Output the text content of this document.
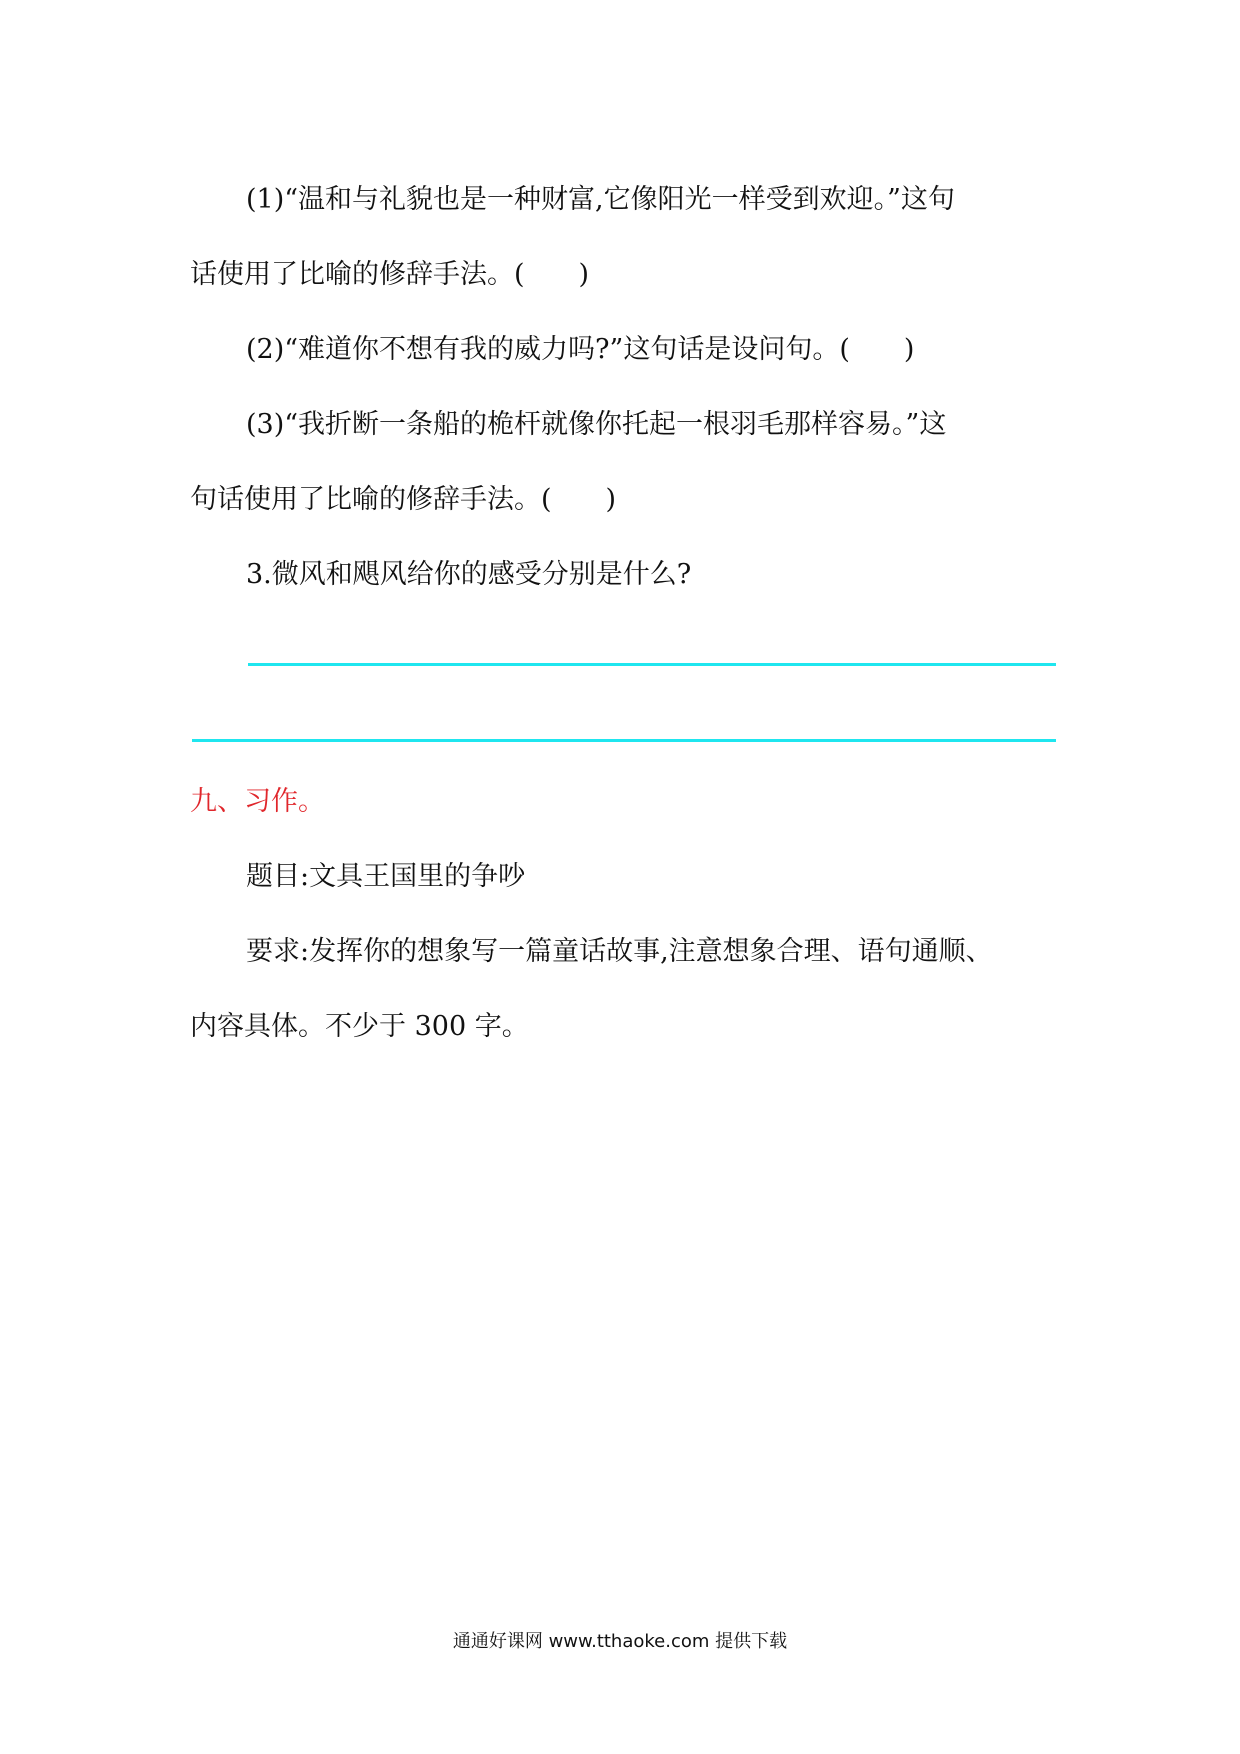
(1)“温和与礼貌也是一种财富,它像阳光一样受到欢迎。”这句
话使用了比喻的修辞手法。(　　)
(2)“难道你不想有我的威力吗?”这句话是设问句。(　　)
(3)“我折断一条船的桅杆就像你托起一根羽毛那样容易。”这
句话使用了比喻的修辞手法。(　　)
3.微风和飓风给你的感受分别是什么?
九、习作。
题目:文具王国里的争吵
要求:发挥你的想象写一篇童话故事,注意想象合理、语句通顺、
内容具体。不少于 300 字。
通通好课网 www.tthaoke.com 提供下载
